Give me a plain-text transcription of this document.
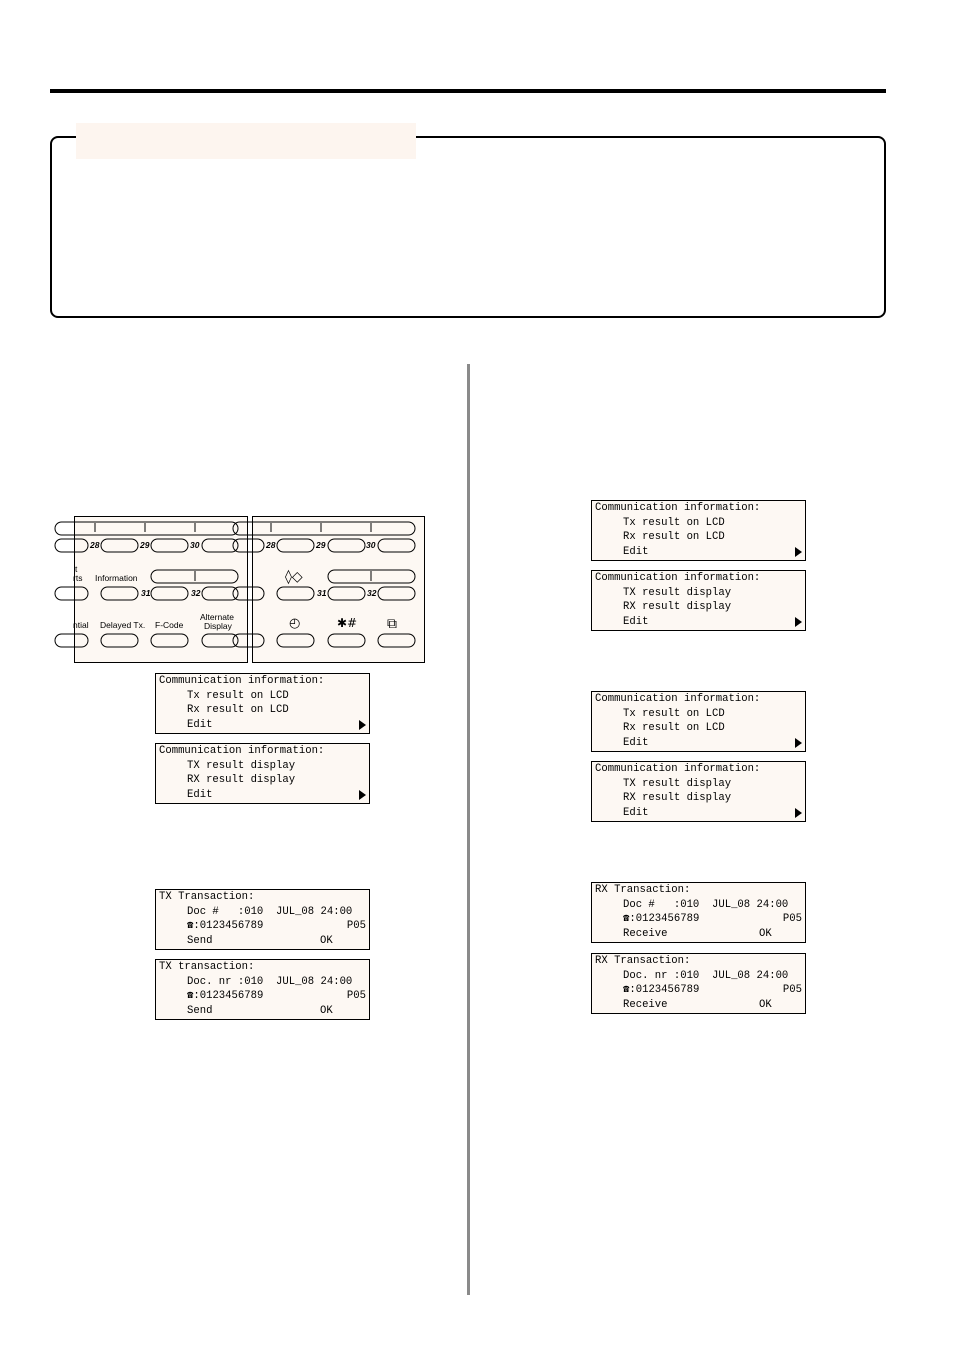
28	29	30
t
rts Information
31	32
ntial Delayed Tx. F-Code
Alternate
Display
28	29	30
◊◇
31	32
◴	✱# ⧉
Communication information:
Tx result on LCD
Rx result on LCD
Edit
Communication information:
TX result display
RX result display
Edit
TX Transaction:
Doc #   :010  JUL_08 24:00
☎:0123456789	P05
Send	OK
TX transaction:
Doc. nr :010  JUL_08 24:00
☎:0123456789	P05
Send	OK
Communication information:
Tx result on LCD
Rx result on LCD
Edit
Communication information:
TX result display
RX result display
Edit
Communication information:
Tx result on LCD
Rx result on LCD
Edit
Communication information:
TX result display
RX result display
Edit
RX Transaction:
Doc #   :010  JUL_08 24:00
☎:0123456789	P05
Receive	OK
RX Transaction:
Doc. nr :010  JUL_08 24:00
☎:0123456789	P05
Receive	OK
